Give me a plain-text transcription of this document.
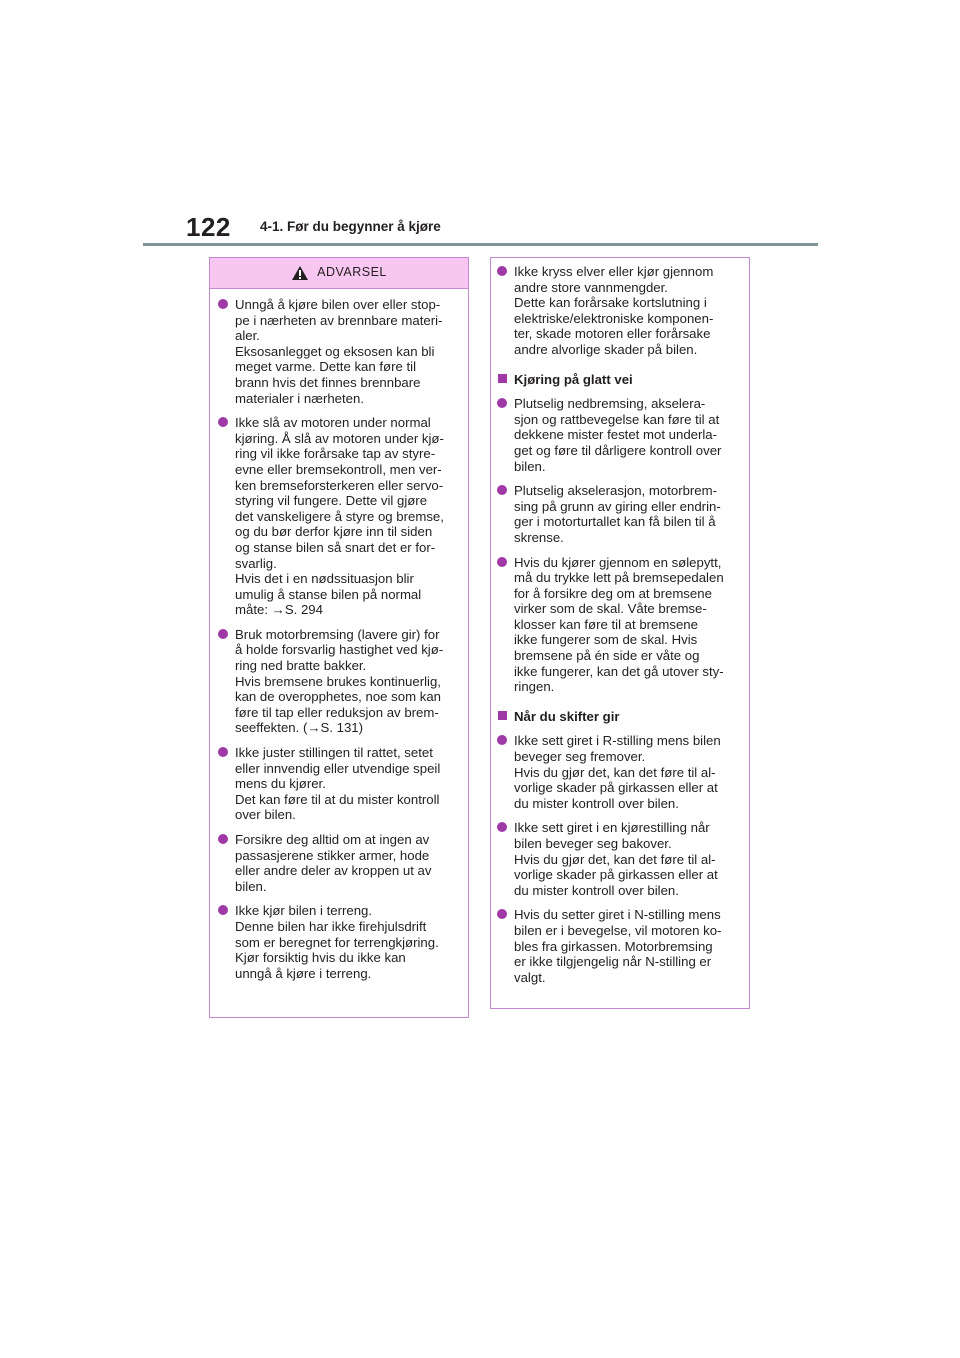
122 4-1. Før du begynner å kjøre
ADVARSEL

Unngå å kjøre bilen over eller stop-

pe i nærheten av brennbare materi-

aler.

Eksosanlegget og eksosen kan bli

meget varme. Dette kan føre til

brann hvis det finnes brennbare

materialer i nærheten.

Ikke slå av motoren under normal

kjøring. Å slå av motoren under kjø-

ring vil ikke forårsake tap av styre-

evne eller bremsekontroll, men ver-

ken bremseforsterkeren eller servo-

styring vil fungere. Dette vil gjøre

det vanskeligere å styre og bremse,

og du bør derfor kjøre inn til siden

og stanse bilen så snart det er for-

svarlig.

Hvis det i en nødssituasjon blir

umulig å stanse bilen på normal

måte: →S. 294

Bruk motorbremsing (lavere gir) for

å holde forsvarlig hastighet ved kjø-

ring ned bratte bakker.

Hvis bremsene brukes kontinuerlig,

kan de overopphetes, noe som kan

føre til tap eller reduksjon av brem-

seeffekten. (→S. 131)

Ikke juster stillingen til rattet, setet

eller innvendig eller utvendige speil

mens du kjører.

Det kan føre til at du mister kontroll

over bilen.

Forsikre deg alltid om at ingen av

passasjerene stikker armer, hode

eller andre deler av kroppen ut av

bilen.

Ikke kjør bilen i terreng.

Denne bilen har ikke firehjulsdrift

som er beregnet for terrengkjøring.

Kjør forsiktig hvis du ikke kan

unngå å kjøre i terreng.

Ikke kryss elver eller kjør gjennom

andre store vannmengder.

Dette kan forårsake kortslutning i

elektriske/elektroniske komponen-

ter, skade motoren eller forårsake

andre alvorlige skader på bilen.

Kjøring på glatt vei

Plutselig nedbremsing, akselera-

sjon og rattbevegelse kan føre til at

dekkene mister festet mot underla-

get og føre til dårligere kontroll over

bilen.

Plutselig akselerasjon, motorbrem-

sing på grunn av giring eller endrin-

ger i motorturtallet kan få bilen til å

skrense.

Hvis du kjører gjennom en sølepytt,

må du trykke lett på bremsepedalen

for å forsikre deg om at bremsene

virker som de skal. Våte bremse-

klosser kan føre til at bremsene

ikke fungerer som de skal. Hvis

bremsene på én side er våte og

ikke fungerer, kan det gå utover sty-

ringen.

Når du skifter gir

Ikke sett giret i R-stilling mens bilen

beveger seg fremover.

Hvis du gjør det, kan det føre til al-

vorlige skader på girkassen eller at

du mister kontroll over bilen.

Ikke sett giret i en kjørestilling når

bilen beveger seg bakover.

Hvis du gjør det, kan det føre til al-

vorlige skader på girkassen eller at

du mister kontroll over bilen.

Hvis du setter giret i N-stilling mens

bilen er i bevegelse, vil motoren ko-

bles fra girkassen. Motorbremsing

er ikke tilgjengelig når N-stilling er

valgt.
